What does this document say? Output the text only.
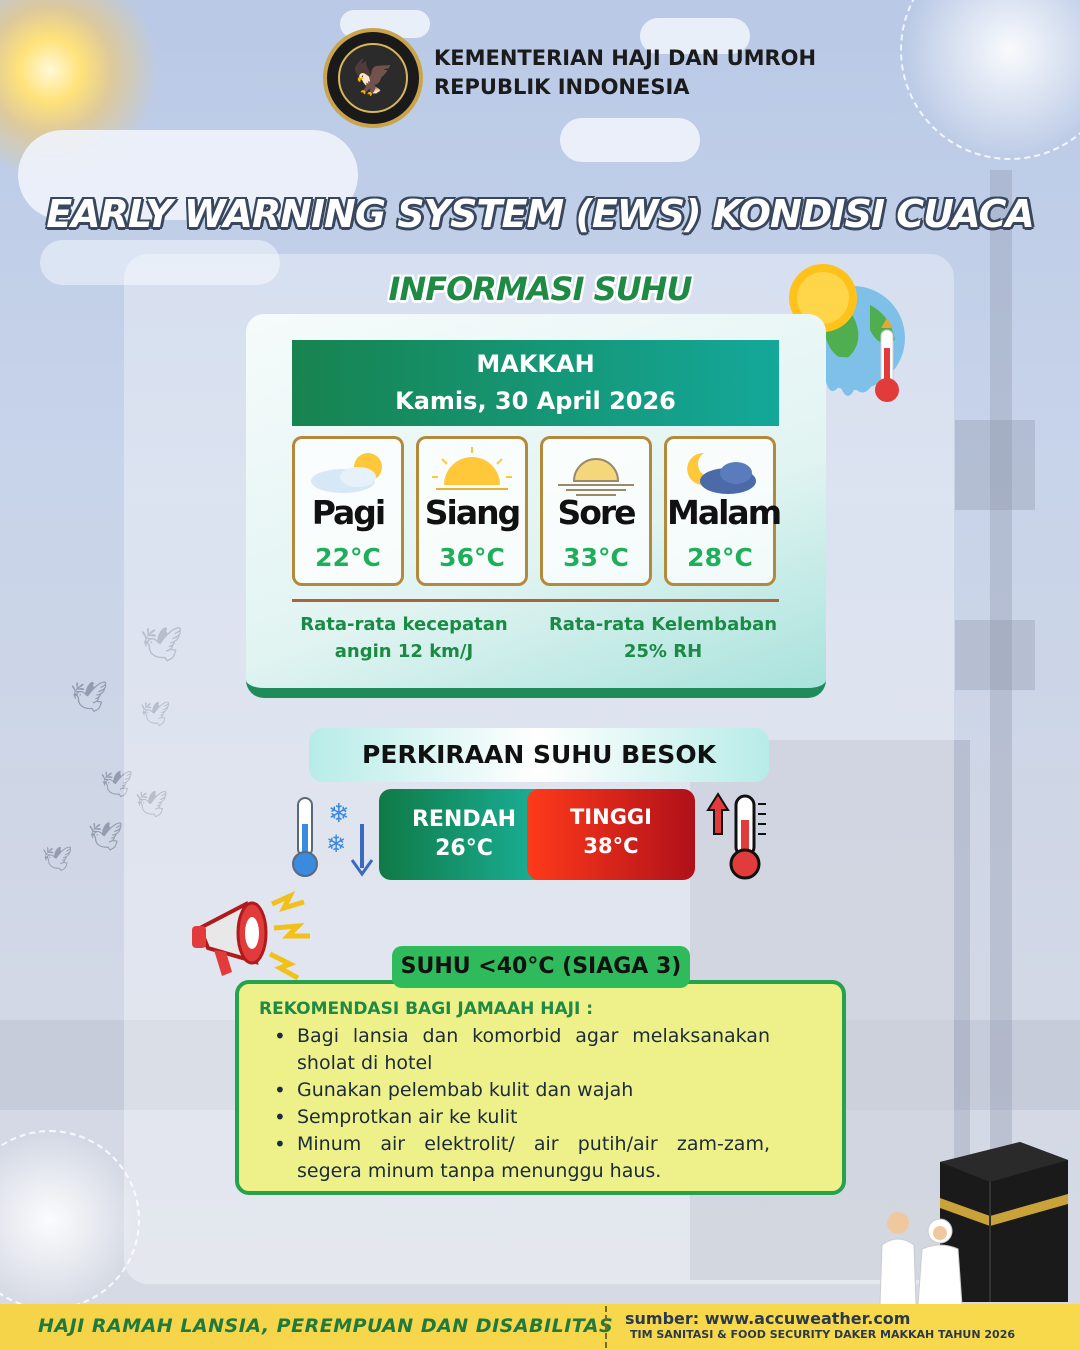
🕊
🕊 🕊
🕊
🕊
🕊
🕊
🦅	KEMENTERIAN HAJI DAN UMROH
REPUBLIK INDONESIA
EARLY WARNING SYSTEM (EWS) KONDISI CUACA
INFORMASI SUHU
MAKKAH
Kamis, 30 April 2026
Pagi
22°C
Siang
36°C
Sore
33°C
Malam
28°C
Rata-rata kecepatan
angin 12 km/J
Rata-rata Kelembaban
25% RH
PERKIRAAN SUHU BESOK
❄
❄
RENDAH
26°C
TINGGI
38°C
REKOMENDASI BAGI JAMAAH HAJI :
• Bagi lansia dan komorbid agar melaksanakan sholat di hotel
• Gunakan pelembab kulit dan wajah
• Semprotkan air ke kulit
• Minum air elektrolit/ air putih/air zam-zam, segera minum tanpa menunggu haus.
SUHU <40°C (SIAGA 3)
HAJI RAMAH LANSIA, PEREMPUAN DAN DISABILITAS sumber: www.accuweather.com
TIM SANITASI & FOOD SECURITY DAKER MAKKAH TAHUN 2026
